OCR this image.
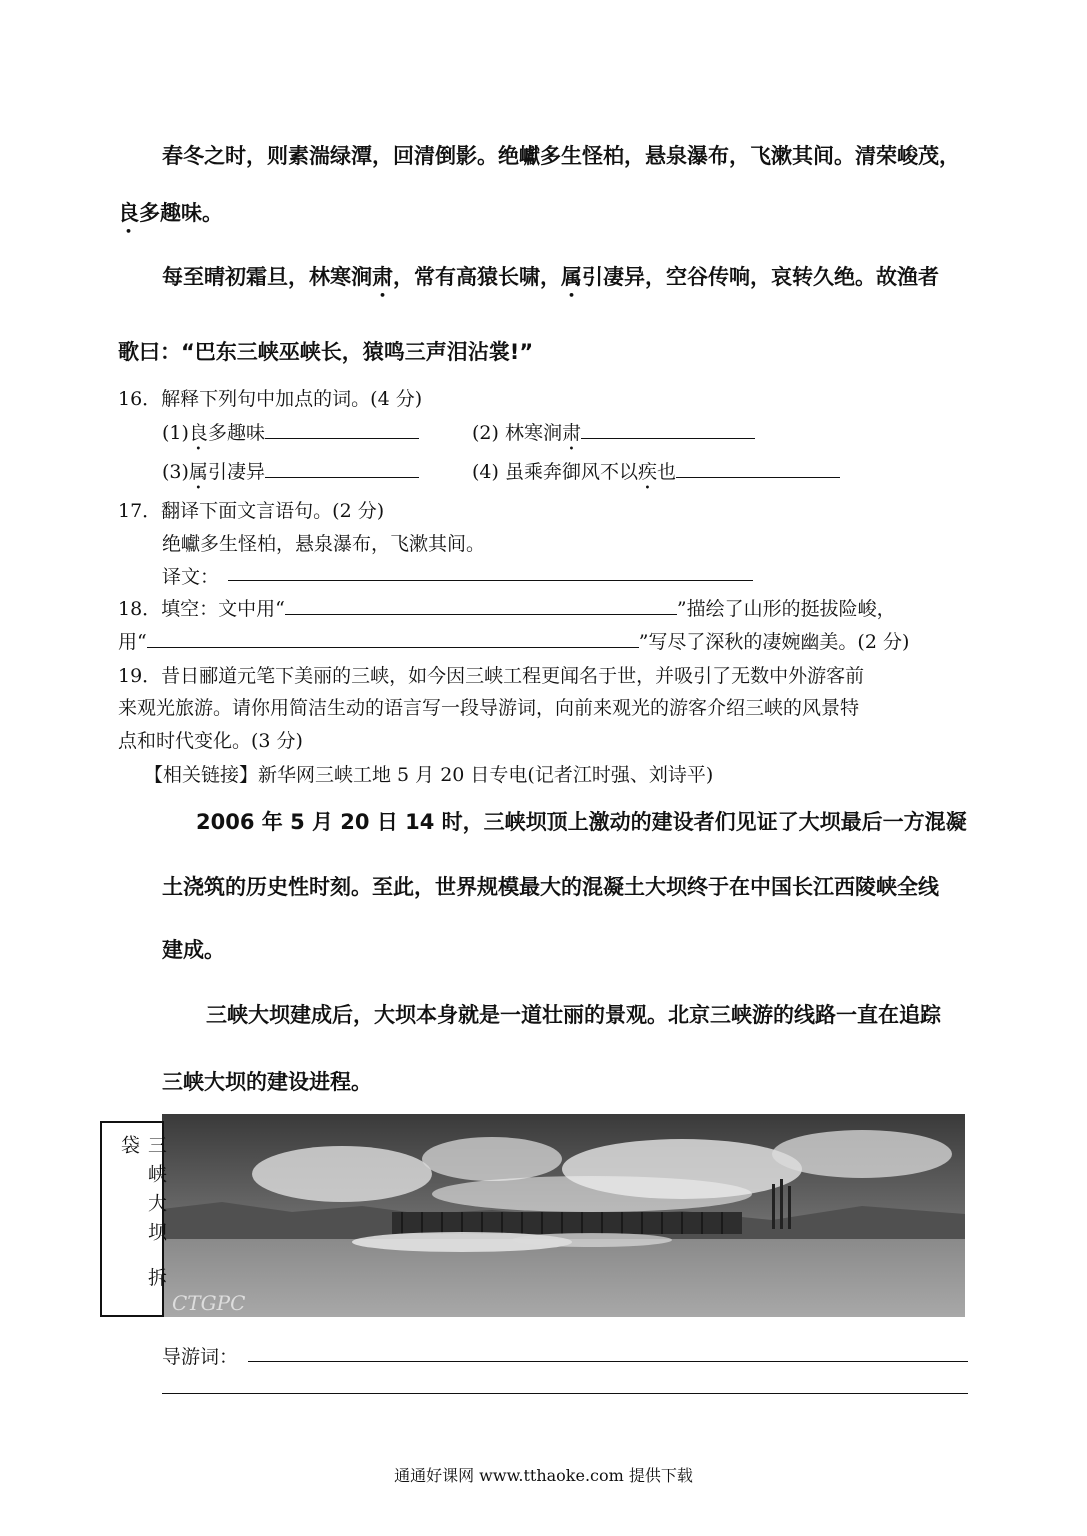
春冬之时，则素湍绿潭，回清倒影。绝巘多生怪柏，悬泉瀑布，飞漱其间。清荣峻茂，
良多趣味。
每至晴初霜旦，林寒涧肃，常有高猿长啸，属引凄异，空谷传响，哀转久绝。故渔者
歌曰：“巴东三峡巫峡长，猿鸣三声泪沾裳!”
16．解释下列句中加点的词。(4 分)
(1)良多趣味	(2) 林寒涧肃
(3)属引凄异	(4) 虽乘奔御风不以疾也
17．翻译下面文言语句。(2 分)
绝巘多生怪柏，悬泉瀑布，飞漱其间。
译文：
18．填空：文中用“	”描绘了山形的挺拔险峻，
用“	”写尽了深秋的凄婉幽美。(2 分)
19．昔日郦道元笔下美丽的三峡，如今因三峡工程更闻名于世，并吸引了无数中外游客前
来观光旅游。请你用简洁生动的语言写一段导游词，向前来观光的游客介绍三峡的风景特
点和时代变化。(3 分)
【相关链接】新华网三峡工地 5 月 20 日专电(记者江时强、刘诗平)
2006 年 5 月 20 日 14 时，三峡坝顶上激动的建设者们见证了大坝最后一方混凝
土浇筑的历史性时刻。至此，世界规模最大的混凝土大坝终于在中国长江西陵峡全线
建成。
三峡大坝建成后，大坝本身就是一道壮丽的景观。北京三峡游的线路一直在追踪
三峡大坝的建设进程。
CTGPC
三峡大坝 拆 袋
导游词：
通通好课网 www.tthaoke.com 提供下载
